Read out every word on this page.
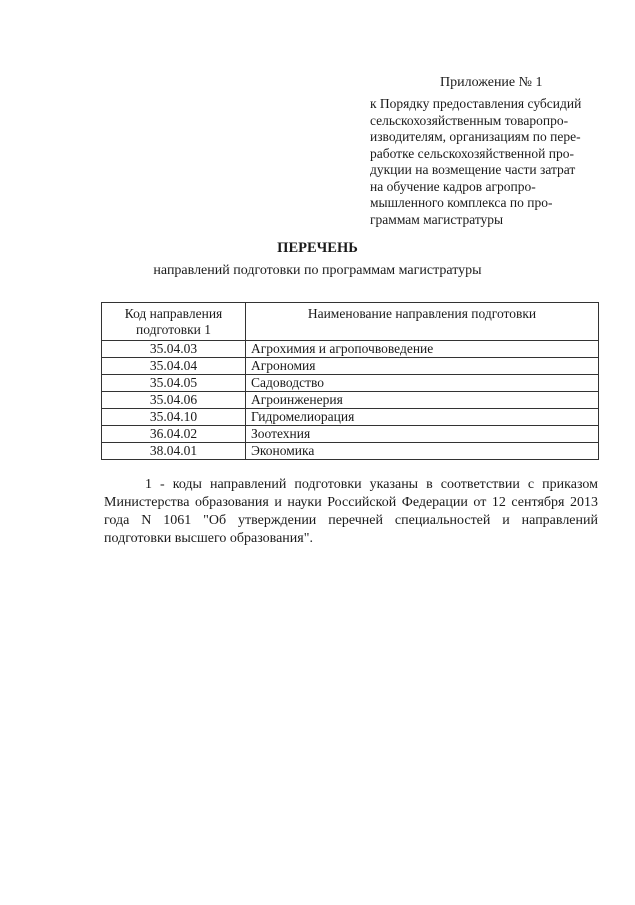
Приложение № 1
к Порядку предоставления субсидий
сельскохозяйственным товаропро-
изводителям, организациям по пере-
работке сельскохозяйственной про-
дукции на возмещение части затрат
на обучение кадров агропро-
мышленного комплекса по про-
граммам магистратуры
ПЕРЕЧЕНЬ
направлений подготовки по программам магистратуры
Код направления
подготовки 1	Наименование направления подготовки
35.04.03	Агрохимия и агропочвоведение
35.04.04	Агрономия
35.04.05	Садоводство
35.04.06	Агроинженерия
35.04.10	Гидромелиорация
36.04.02	Зоотехния
38.04.01	Экономика
1 - коды направлений подготовки указаны в соответствии с приказом Министерства образования и науки Российской Федерации от 12 сентября 2013 года N 1061 "Об утверждении перечней специальностей и направлений подготовки высшего образования".
